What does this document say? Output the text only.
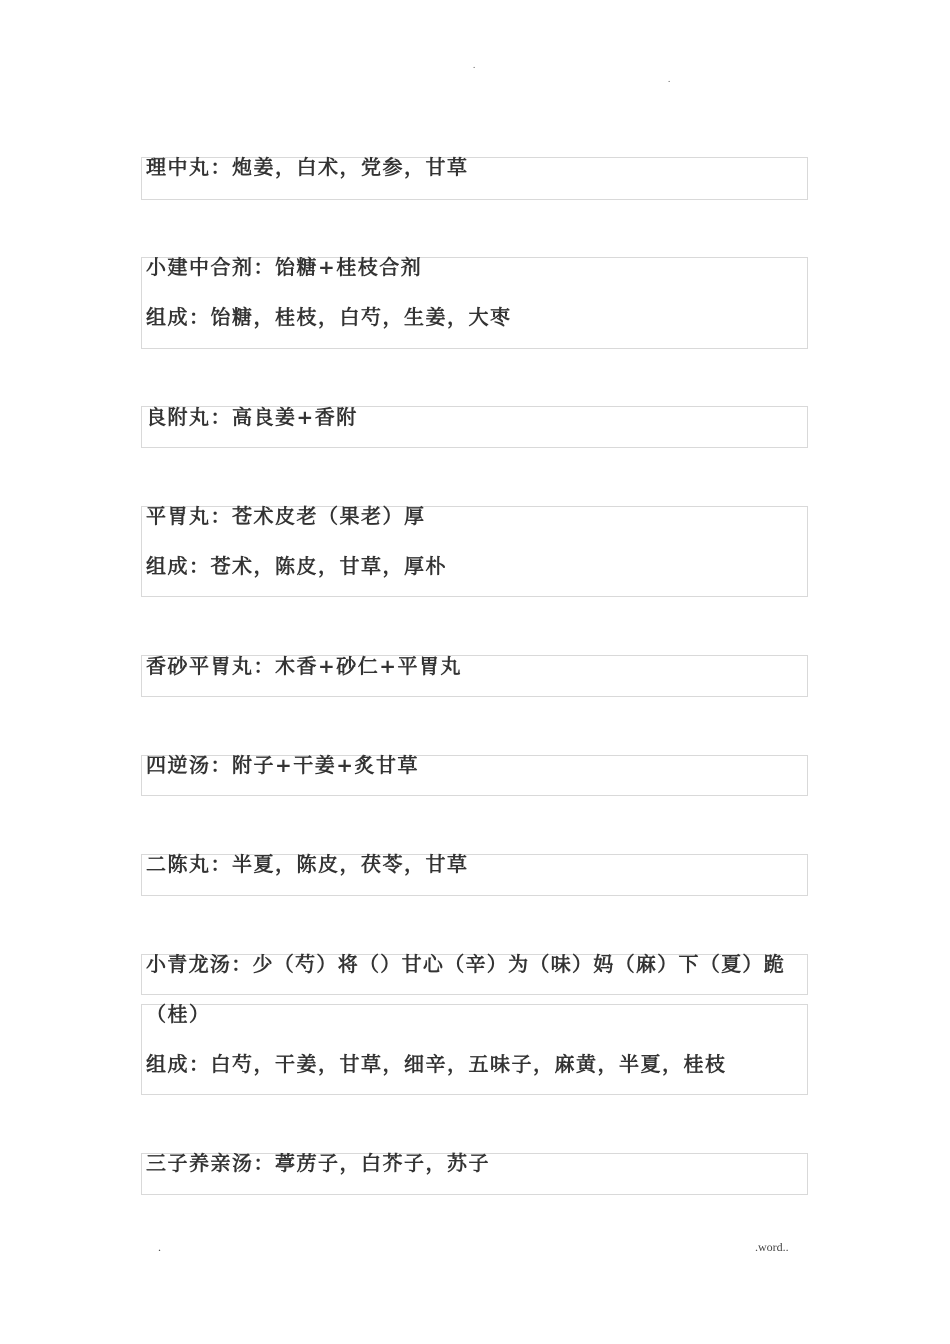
.
.
理中丸：炮姜，白术，党参，甘草
小建中合剂：饴糖+桂枝合剂
组成：饴糖，桂枝，白芍，生姜，大枣
良附丸：高良姜+香附
平胃丸：苍术皮老（果老）厚
组成：苍术，陈皮，甘草，厚朴
香砂平胃丸：木香+砂仁+平胃丸
四逆汤：附子+干姜+炙甘草
二陈丸：半夏，陈皮，茯苓，甘草
小青龙汤：少（芍）将（）甘心（辛）为（味）妈（麻）下（夏）跪
（桂）
组成：白芍，干姜，甘草，细辛，五味子，麻黄，半夏，桂枝
三子养亲汤：葶苈子，白芥子，苏子
.	.word..
